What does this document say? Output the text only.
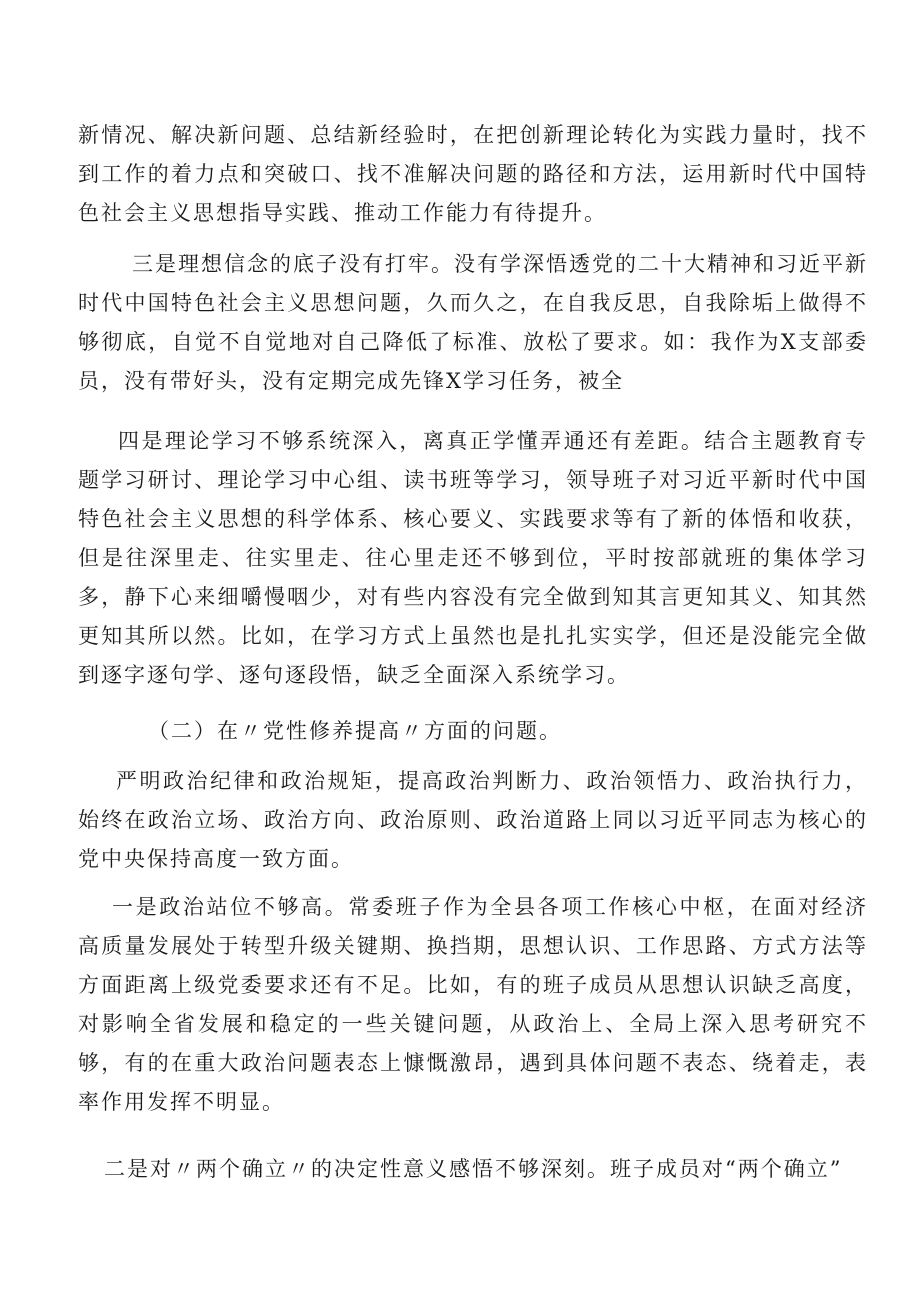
新情况、解决新问题、总结新经验时，在把创新理论转化为实践力量时，找不到工作的着力点和突破口、找不准解决问题的路径和方法，运用新时代中国特色社会主义思想指导实践、推动工作能力有待提升。

三是理想信念的底子没有打牢。没有学深悟透党的二十大精神和习近平新时代中国特色社会主义思想问题，久而久之，在自我反思，自我除垢上做得不够彻底，自觉不自觉地对自己降低了标准、放松了要求。如：我作为X支部委员，没有带好头，没有定期完成先锋X学习任务，被全

四是理论学习不够系统深入，离真正学懂弄通还有差距。结合主题教育专题学习研讨、理论学习中心组、读书班等学习，领导班子对习近平新时代中国特色社会主义思想的科学体系、核心要义、实践要求等有了新的体悟和收获，但是往深里走、往实里走、往心里走还不够到位，平时按部就班的集体学习多，静下心来细嚼慢咽少，对有些内容没有完全做到知其言更知其义、知其然更知其所以然。比如，在学习方式上虽然也是扎扎实实学，但还是没能完全做到逐字逐句学、逐句逐段悟，缺乏全面深入系统学习。

（二）在〃党性修养提高〃方面的问题。

严明政治纪律和政治规矩，提高政治判断力、政治领悟力、政治执行力，始终在政治立场、政治方向、政治原则、政治道路上同以习近平同志为核心的党中央保持高度一致方面。

一是政治站位不够高。常委班子作为全县各项工作核心中枢，在面对经济高质量发展处于转型升级关键期、换挡期，思想认识、工作思路、方式方法等方面距离上级党委要求还有不足。比如，有的班子成员从思想认识缺乏高度，对影响全省发展和稳定的一些关键问题，从政治上、全局上深入思考研究不够，有的在重大政治问题表态上慷慨激昂，遇到具体问题不表态、绕着走，表率作用发挥不明显。

二是对〃两个确立〃的决定性意义感悟不够深刻。班子成员对“两个确立”
